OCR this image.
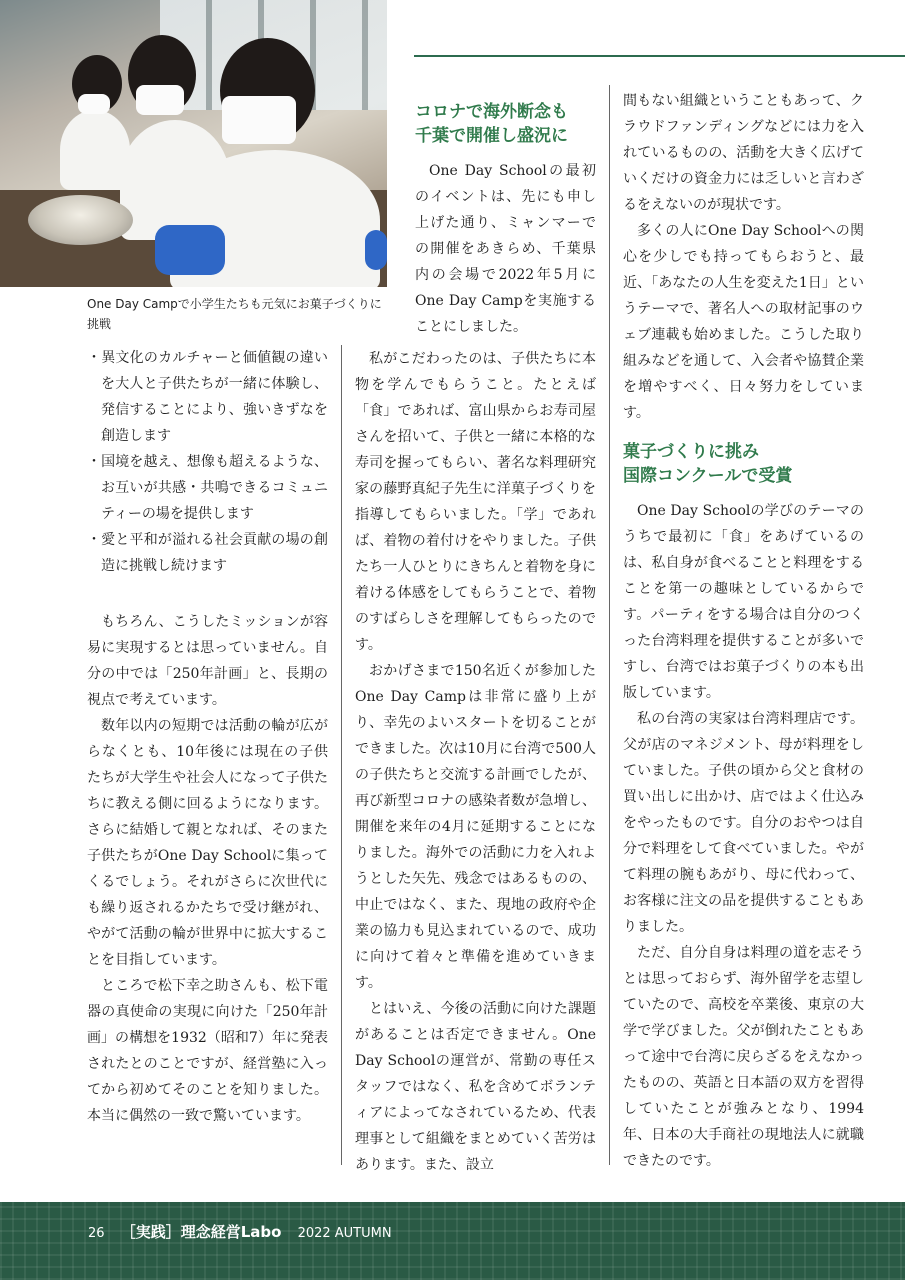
One Day Campで小学生たちも元気にお菓子づくりに挑戦
・異文化のカルチャーと価値観の違いを大人と子供たちが一緒に体験し、発信することにより、強いきずなを創造します
・国境を越え、想像も超えるような、お互いが共感・共鳴できるコミュニティーの場を提供します
・愛と平和が溢れる社会貢献の場の創造に挑戦し続けます

もちろん、こうしたミッションが容易に実現するとは思っていません。自分の中では「250年計画」と、長期の視点で考えています。

数年以内の短期では活動の輪が広がらなくとも、10年後には現在の子供たちが大学生や社会人になって子供たちに教える側に回るようになります。さらに結婚して親となれば、そのまた子供たちがOne Day Schoolに集ってくるでしょう。それがさらに次世代にも繰り返されるかたちで受け継がれ、やがて活動の輪が世界中に拡大することを目指しています。

ところで松下幸之助さんも、松下電器の真使命の実現に向けた「250年計画」の構想を1932（昭和7）年に発表されたとのことですが、経営塾に入ってから初めてそのことを知りました。本当に偶然の一致で驚いています。

コロナで海外断念も
千葉で開催し盛況に

One Day Schoolの最初のイベントは、先にも申し上げた通り、ミャンマーでの開催をあきらめ、千葉県内の会場で2022年5月にOne Day Campを実施することにしました。

私がこだわったのは、子供たちに本物を学んでもらうこと。たとえば「食」であれば、富山県からお寿司屋さんを招いて、子供と一緒に本格的な寿司を握ってもらい、著名な料理研究家の藤野真紀子先生に洋菓子づくりを指導してもらいました。「学」であれば、着物の着付けをやりました。子供たち一人ひとりにきちんと着物を身に着ける体感をしてもらうことで、着物のすばらしさを理解してもらったのです。

おかげさまで150名近くが参加したOne Day Campは非常に盛り上がり、幸先のよいスタートを切ることができました。次は10月に台湾で500人の子供たちと交流する計画でしたが、再び新型コロナの感染者数が急増し、開催を来年の4月に延期することになりました。海外での活動に力を入れようとした矢先、残念ではあるものの、中止ではなく、また、現地の政府や企業の協力も見込まれているので、成功に向けて着々と準備を進めていきます。

とはいえ、今後の活動に向けた課題があることは否定できません。One Day Schoolの運営が、常勤の専任スタッフではなく、私を含めてボランティアによってなされているため、代表理事として組織をまとめていく苦労はあります。また、設立

間もない組織ということもあって、クラウドファンディングなどには力を入れているものの、活動を大きく広げていくだけの資金力には乏しいと言わざるをえないのが現状です。

多くの人にOne Day Schoolへの関心を少しでも持ってもらおうと、最近、「あなたの人生を変えた1日」というテーマで、著名人への取材記事のウェブ連載も始めました。こうした取り組みなどを通して、入会者や協賛企業を増やすべく、日々努力をしています。

菓子づくりに挑み
国際コンクールで受賞

One Day Schoolの学びのテーマのうちで最初に「食」をあげているのは、私自身が食べることと料理をすることを第一の趣味としているからです。パーティをする場合は自分のつくった台湾料理を提供することが多いですし、台湾ではお菓子づくりの本も出版しています。

私の台湾の実家は台湾料理店です。父が店のマネジメント、母が料理をしていました。子供の頃から父と食材の買い出しに出かけ、店ではよく仕込みをやったものです。自分のおやつは自分で料理をして食べていました。やがて料理の腕もあがり、母に代わって、お客様に注文の品を提供することもありました。

ただ、自分自身は料理の道を志そうとは思っておらず、海外留学を志望していたので、高校を卒業後、東京の大学で学びました。父が倒れたこともあって途中で台湾に戻らざるをえなかったものの、英語と日本語の双方を習得していたことが強みとなり、1994年、日本の大手商社の現地法人に就職できたのです。

26 ［実践］理念経営Labo 2022 AUTUMN
